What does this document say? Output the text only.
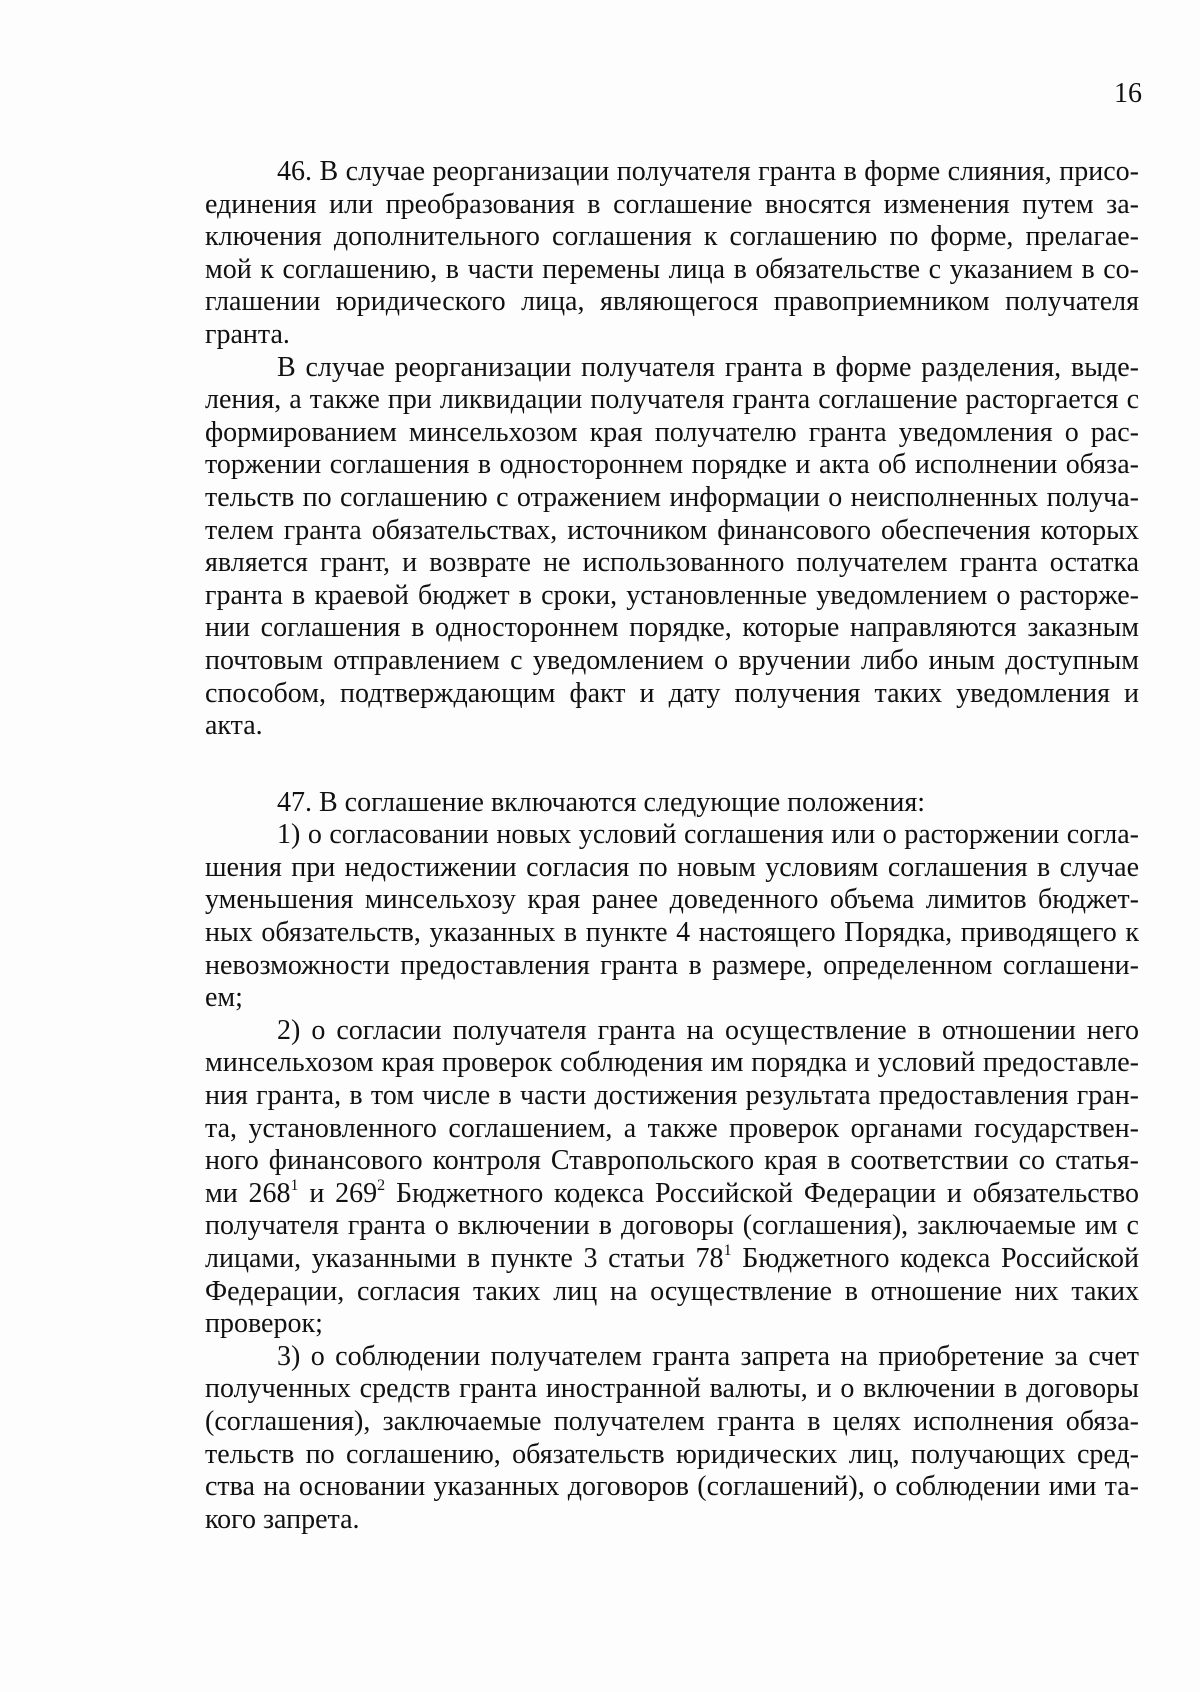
16
46. В случае реорганизации получателя гранта в форме слияния, присо-
единения или преобразования в соглашение вносятся изменения путем за-
ключения дополнительного соглашения к соглашению по форме, прелагае-
мой к соглашению, в части перемены лица в обязательстве с указанием в со-
глашении юридического лица, являющегося правоприемником получателя
гранта.
В случае реорганизации получателя гранта в форме разделения, выде-
ления, а также при ликвидации получателя гранта соглашение расторгается с
формированием минсельхозом края получателю гранта уведомления о рас-
торжении соглашения в одностороннем порядке и акта об исполнении обяза-
тельств по соглашению с отражением информации о неисполненных получа-
телем гранта обязательствах, источником финансового обеспечения которых
является грант, и возврате не использованного получателем гранта остатка
гранта в краевой бюджет в сроки, установленные уведомлением о расторже-
нии соглашения в одностороннем порядке, которые направляются заказным
почтовым отправлением с уведомлением о вручении либо иным доступным
способом, подтверждающим факт и дату получения таких уведомления и
акта.
47. В соглашение включаются следующие положения:
1) о согласовании новых условий соглашения или о расторжении согла-
шения при недостижении согласия по новым условиям соглашения в случае
уменьшения минсельхозу края ранее доведенного объема лимитов бюджет-
ных обязательств, указанных в пункте 4 настоящего Порядка, приводящего к
невозможности предоставления гранта в размере, определенном соглашени-
ем;
2) о согласии получателя гранта на осуществление в отношении него
минсельхозом края проверок соблюдения им порядка и условий предоставле-
ния гранта, в том числе в части достижения результата предоставления гран-
та, установленного соглашением, а также проверок органами государствен-
ного финансового контроля Ставропольского края в соответствии со статья-
ми $268^1$ и $269^2$ Бюджетного кодекса Российской Федерации и обязательство
получателя гранта о включении в договоры (соглашения), заключаемые им с
лицами, указанными в пункте 3 статьи $78^1$ Бюджетного кодекса Российской
Федерации, согласия таких лиц на осуществление в отношение них таких
проверок;
3) о соблюдении получателем гранта запрета на приобретение за счет
полученных средств гранта иностранной валюты, и о включении в договоры
(соглашения), заключаемые получателем гранта в целях исполнения обяза-
тельств по соглашению, обязательств юридических лиц, получающих сред-
ства на основании указанных договоров (соглашений), о соблюдении ими та-
кого запрета.
